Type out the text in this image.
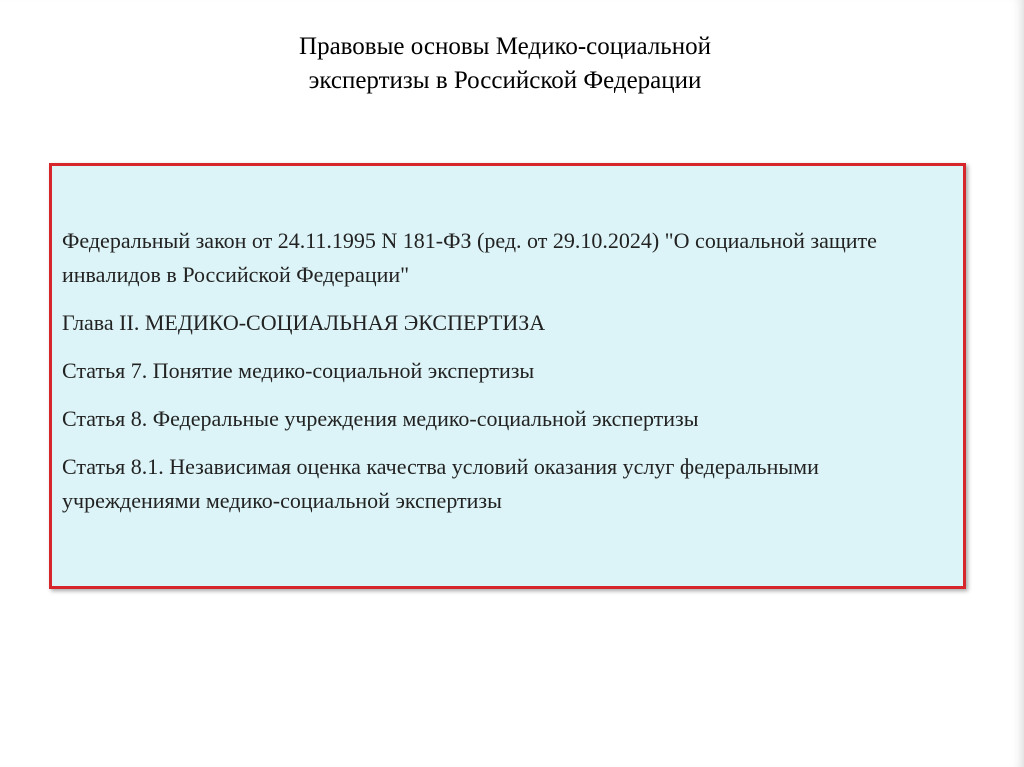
Правовые основы Медико-социальной
экспертизы в Российской Федерации

Федеральный закон от 24.11.1995 N 181-ФЗ (ред. от 29.10.2024) "О социальной защите инвалидов в Российской Федерации"

Глава II. МЕДИКО-СОЦИАЛЬНАЯ ЭКСПЕРТИЗА

Статья 7. Понятие медико-социальной экспертизы

Статья 8. Федеральные учреждения медико-социальной экспертизы

Статья 8.1. Независимая оценка качества условий оказания услуг федеральными учреждениями медико-социальной экспертизы
